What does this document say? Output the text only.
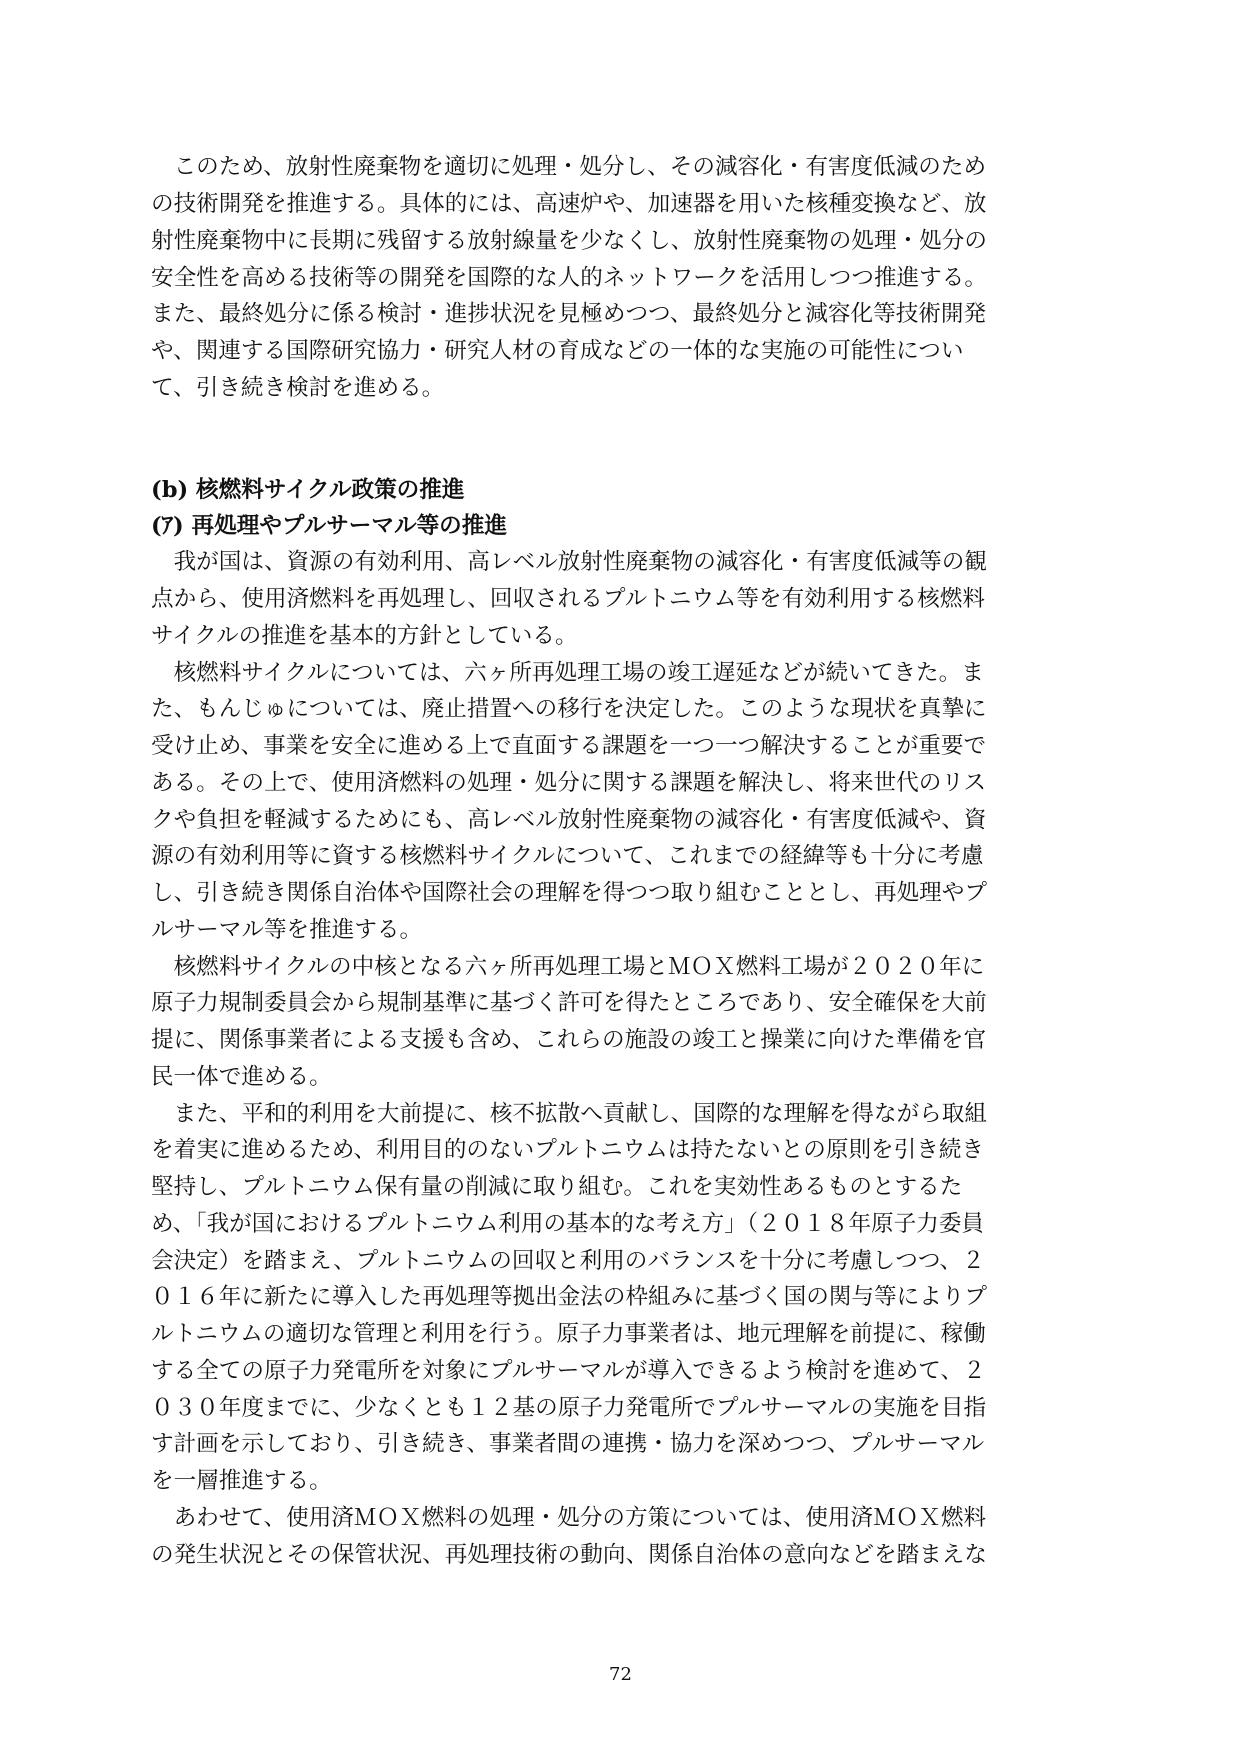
　このため、放射性廃棄物を適切に処理・処分し、その減容化・有害度低減のため
の技術開発を推進する。具体的には、高速炉や、加速器を用いた核種変換など、放
射性廃棄物中に長期に残留する放射線量を少なくし、放射性廃棄物の処理・処分の
安全性を高める技術等の開発を国際的な人的ネットワークを活用しつつ推進する。
また、最終処分に係る検討・進捗状況を見極めつつ、最終処分と減容化等技術開発
や、関連する国際研究協力・研究人材の育成などの一体的な実施の可能性につい
て、引き続き検討を進める。
(b) 核燃料サイクル政策の推進
(ｱ) 再処理やプルサーマル等の推進
　我が国は、資源の有効利用、高レベル放射性廃棄物の減容化・有害度低減等の観
点から、使用済燃料を再処理し、回収されるプルトニウム等を有効利用する核燃料
サイクルの推進を基本的方針としている。
　核燃料サイクルについては、六ヶ所再処理工場の竣工遅延などが続いてきた。ま
た、もんじゅについては、廃止措置への移行を決定した。このような現状を真摯に
受け止め、事業を安全に進める上で直面する課題を一つ一つ解決することが重要で
ある。その上で、使用済燃料の処理・処分に関する課題を解決し、将来世代のリス
クや負担を軽減するためにも、高レベル放射性廃棄物の減容化・有害度低減や、資
源の有効利用等に資する核燃料サイクルについて、これまでの経緯等も十分に考慮
し、引き続き関係自治体や国際社会の理解を得つつ取り組むこととし、再処理やプ
ルサーマル等を推進する。
　核燃料サイクルの中核となる六ヶ所再処理工場とＭＯＸ燃料工場が２０２０年に
原子力規制委員会から規制基準に基づく許可を得たところであり、安全確保を大前
提に、関係事業者による支援も含め、これらの施設の竣工と操業に向けた準備を官
民一体で進める。
　また、平和的利用を大前提に、核不拡散へ貢献し、国際的な理解を得ながら取組
を着実に進めるため、利用目的のないプルトニウムは持たないとの原則を引き続き
堅持し、プルトニウム保有量の削減に取り組む。これを実効性あるものとするた
め、「我が国におけるプルトニウム利用の基本的な考え方」（２０１８年原子力委員
会決定）を踏まえ、プルトニウムの回収と利用のバランスを十分に考慮しつつ、２
０１６年に新たに導入した再処理等拠出金法の枠組みに基づく国の関与等によりプ
ルトニウムの適切な管理と利用を行う。原子力事業者は、地元理解を前提に、稼働
する全ての原子力発電所を対象にプルサーマルが導入できるよう検討を進めて、２
０３０年度までに、少なくとも１２基の原子力発電所でプルサーマルの実施を目指
す計画を示しており、引き続き、事業者間の連携・協力を深めつつ、プルサーマル
を一層推進する。
　あわせて、使用済ＭＯＸ燃料の処理・処分の方策については、使用済ＭＯＸ燃料
の発生状況とその保管状況、再処理技術の動向、関係自治体の意向などを踏まえな
72
